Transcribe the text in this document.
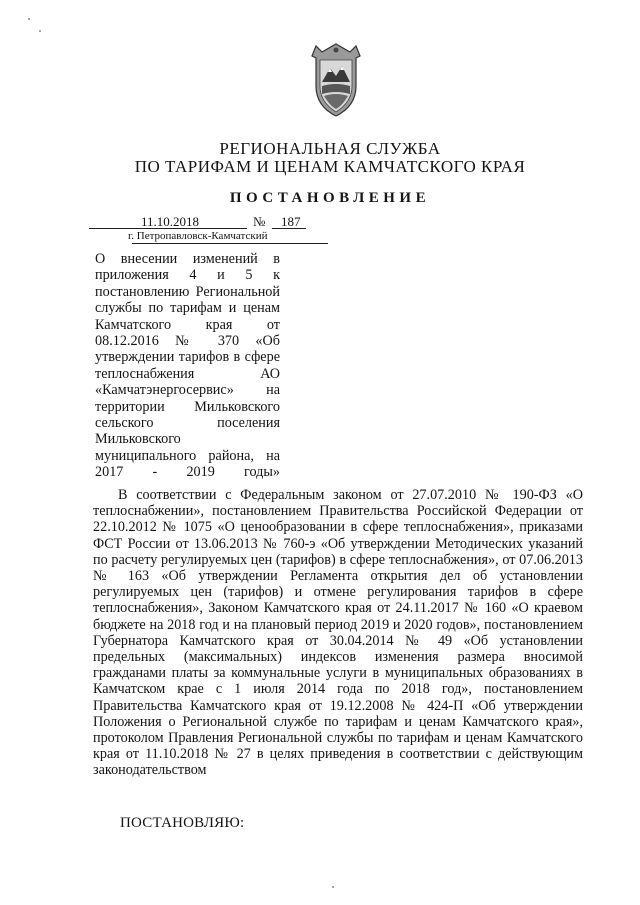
РЕГИОНАЛЬНАЯ СЛУЖБА
ПО ТАРИФАМ И ЦЕНАМ КАМЧАТСКОГО КРАЯ
ПОСТАНОВЛЕНИЕ
11.10.2018	№ 187
г. Петропавловск-Камчатский
О внесении изменений в приложения 4 и 5 к постановлению Региональной службы по тарифам и ценам Камчатского края от 08.12.2016 № 370 «Об утверждении тарифов в сфере теплоснабжения АО «Камчатэнергосервис» на территории Мильковского сельского поселения Мильковского муниципального района, на 2017 - 2019 годы»
В соответствии с Федеральным законом от 27.07.2010 № 190-ФЗ «О теплоснабжении», постановлением Правительства Российской Федерации от 22.10.2012 № 1075 «О ценообразовании в сфере теплоснабжения», приказами ФСТ России от 13.06.2013 № 760-э «Об утверждении Методических указаний по расчету регулируемых цен (тарифов) в сфере теплоснабжения», от 07.06.2013 № 163 «Об утверждении Регламента открытия дел об установлении регулируемых цен (тарифов) и отмене регулирования тарифов в сфере теплоснабжения», Законом Камчатского края от 24.11.2017 № 160 «О краевом бюджете на 2018 год и на плановый период 2019 и 2020 годов», постановлением Губернатора Камчатского края от 30.04.2014 № 49 «Об установлении предельных (максимальных) индексов изменения размера вносимой гражданами платы за коммунальные услуги в муниципальных образованиях в Камчатском крае с 1 июля 2014 года по 2018 год», постановлением Правительства Камчатского края от 19.12.2008 № 424-П «Об утверждении Положения о Региональной службе по тарифам и ценам Камчатского края», протоколом Правления Региональной службы по тарифам и ценам Камчатского края от 11.10.2018 № 27 в целях приведения в соответствии с действующим законодательством
ПОСТАНОВЛЯЮ:
